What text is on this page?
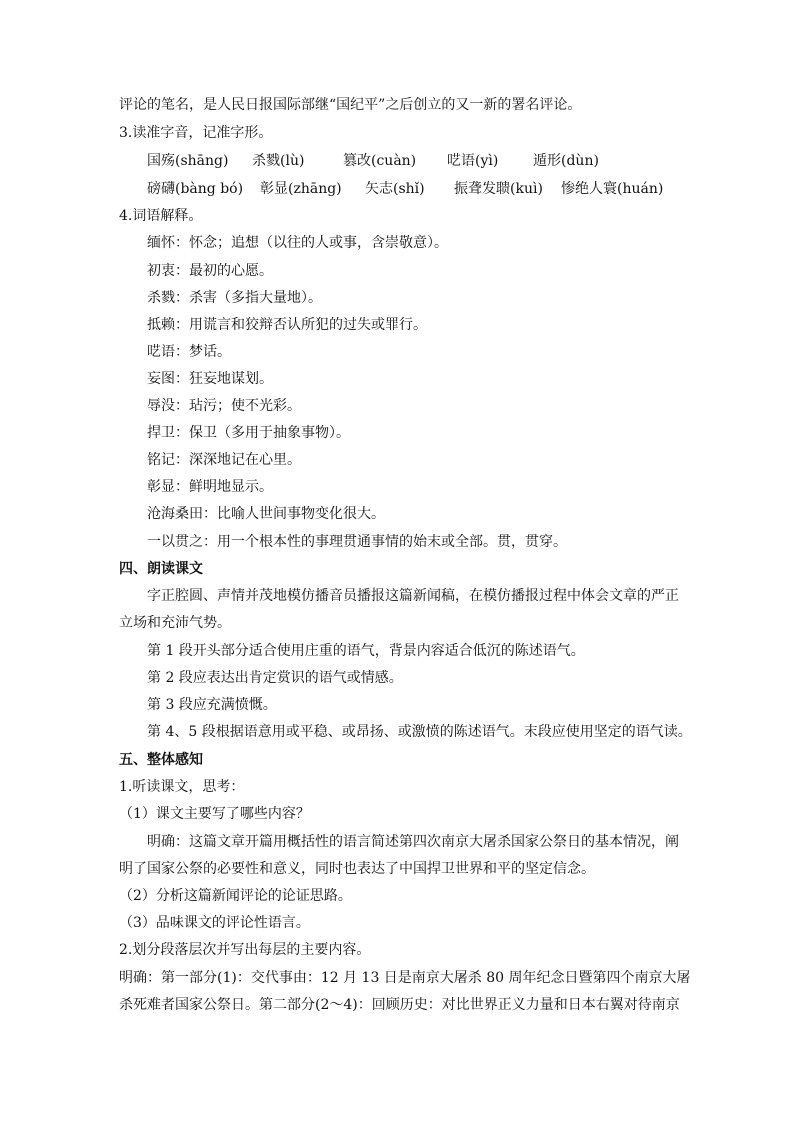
评论的笔名，是人民日报国际部继“国纪平”之后创立的又一新的署名评论。
3.读准字音，记准字形。
国殇(shāng) 杀戮(lù)	篡改(cuàn) 呓语(yì) 遁形(dùn)
磅礴(bàng bó) 彰显(zhāng) 矢志(shǐ) 振聋发聩(kuì) 惨绝人寰(huán)
4.词语解释。
缅怀：怀念；追想（以往的人或事，含崇敬意）。
初衷：最初的心愿。
杀戮：杀害（多指大量地）。
抵赖：用谎言和狡辩否认所犯的过失或罪行。
呓语：梦话。
妄图：狂妄地谋划。
辱没：玷污；使不光彩。
捍卫：保卫（多用于抽象事物）。
铭记：深深地记在心里。
彰显：鲜明地显示。
沧海桑田：比喻人世间事物变化很大。
一以贯之：用一个根本性的事理贯通事情的始末或全部。贯，贯穿。
四、朗读课文
字正腔圆、声情并茂地模仿播音员播报这篇新闻稿，在模仿播报过程中体会文章的严正
立场和充沛气势。
第 1 段开头部分适合使用庄重的语气，背景内容适合低沉的陈述语气。
第 2 段应表达出肯定赏识的语气或情感。
第 3 段应充满愤慨。
第 4、5 段根据语意用或平稳、或昂扬、或激愤的陈述语气。末段应使用坚定的语气读。
五、整体感知
1.听读课文，思考：
（1）课文主要写了哪些内容？
明确：这篇文章开篇用概括性的语言简述第四次南京大屠杀国家公祭日的基本情况，阐
明了国家公祭的必要性和意义，同时也表达了中国捍卫世界和平的坚定信念。
（2）分析这篇新闻评论的论证思路。
（3）品味课文的评论性语言。
2.划分段落层次并写出每层的主要内容。
明确：第一部分(1)：交代事由：12 月 13 日是南京大屠杀 80 周年纪念日暨第四个南京大屠
杀死难者国家公祭日。第二部分(2～4)：回顾历史：对比世界正义力量和日本右翼对待南京
